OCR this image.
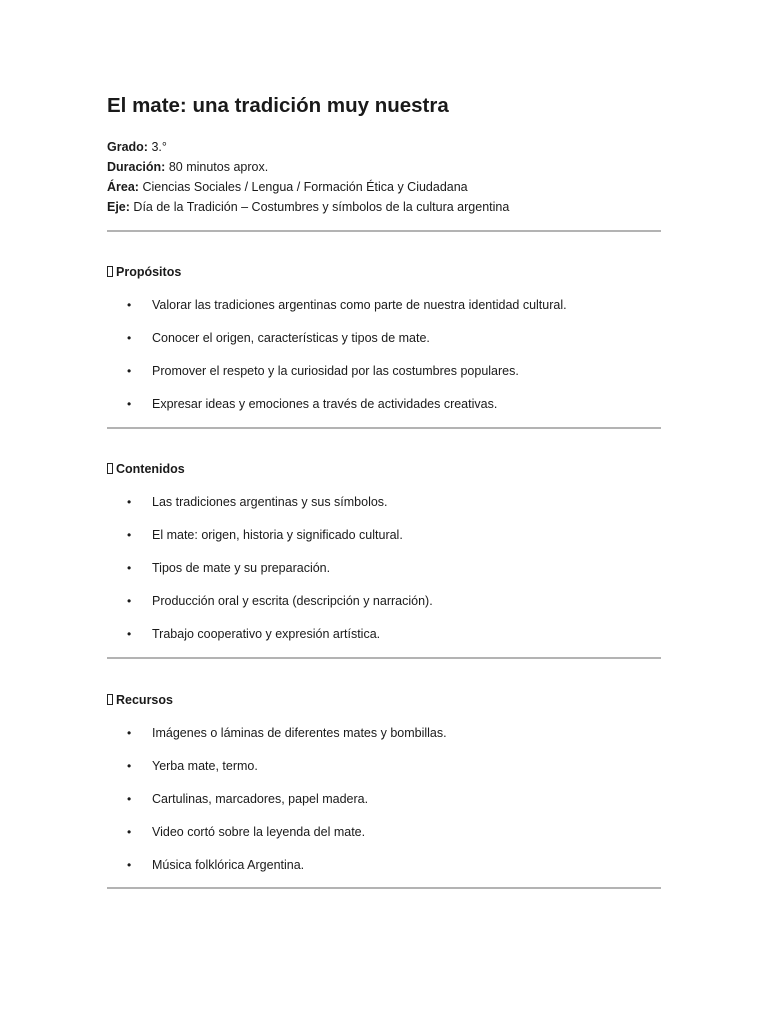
El mate: una tradición muy nuestra
Grado: 3.°
Duración: 80 minutos aprox.
Área: Ciencias Sociales / Lengua / Formación Ética y Ciudadana
Eje: Día de la Tradición – Costumbres y símbolos de la cultura argentina
Propósitos
• Valorar las tradiciones argentinas como parte de nuestra identidad cultural.
• Conocer el origen, características y tipos de mate.
• Promover el respeto y la curiosidad por las costumbres populares.
• Expresar ideas y emociones a través de actividades creativas.
Contenidos
• Las tradiciones argentinas y sus símbolos.
• El mate: origen, historia y significado cultural.
• Tipos de mate y su preparación.
• Producción oral y escrita (descripción y narración).
• Trabajo cooperativo y expresión artística.
Recursos
• Imágenes o láminas de diferentes mates y bombillas.
• Yerba mate, termo.
• Cartulinas, marcadores, papel madera.
• Video cortó sobre la leyenda del mate.
• Música folklórica Argentina.
